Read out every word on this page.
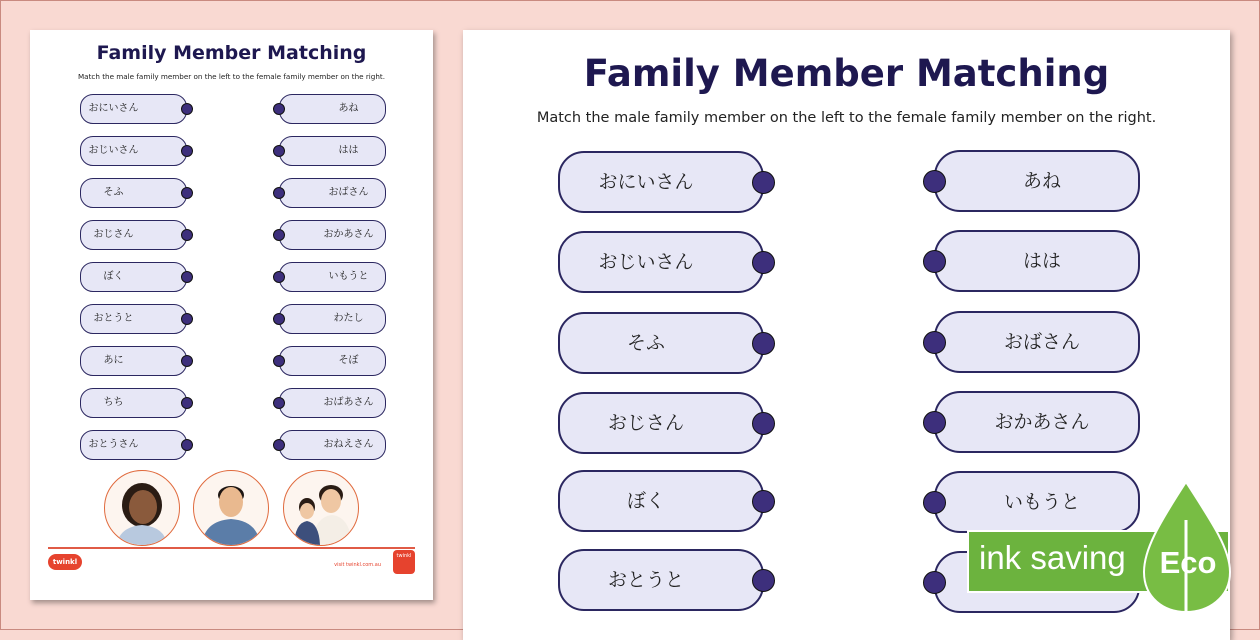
Family Member Matching
Match the male family member on the left to the female family member on the right.
おにいさん
おじいさん
そふ
おじさん
ぼく
おとうと
あに
ちち
おとうさん
あね
はは
おばさん
おかあさん
いもうと
わたし
そぼ
おばあさん
おねえさん
twinkl	visit twinkl.com.au
twinkl
Family Member Matching
Match the male family member on the left to the female family member on the right.
おにいさん
おじいさん
そふ
おじさん
ぼく
おとうと
あね
はは
おばさん
おかあさん
いもうと
ink saving	Eco
